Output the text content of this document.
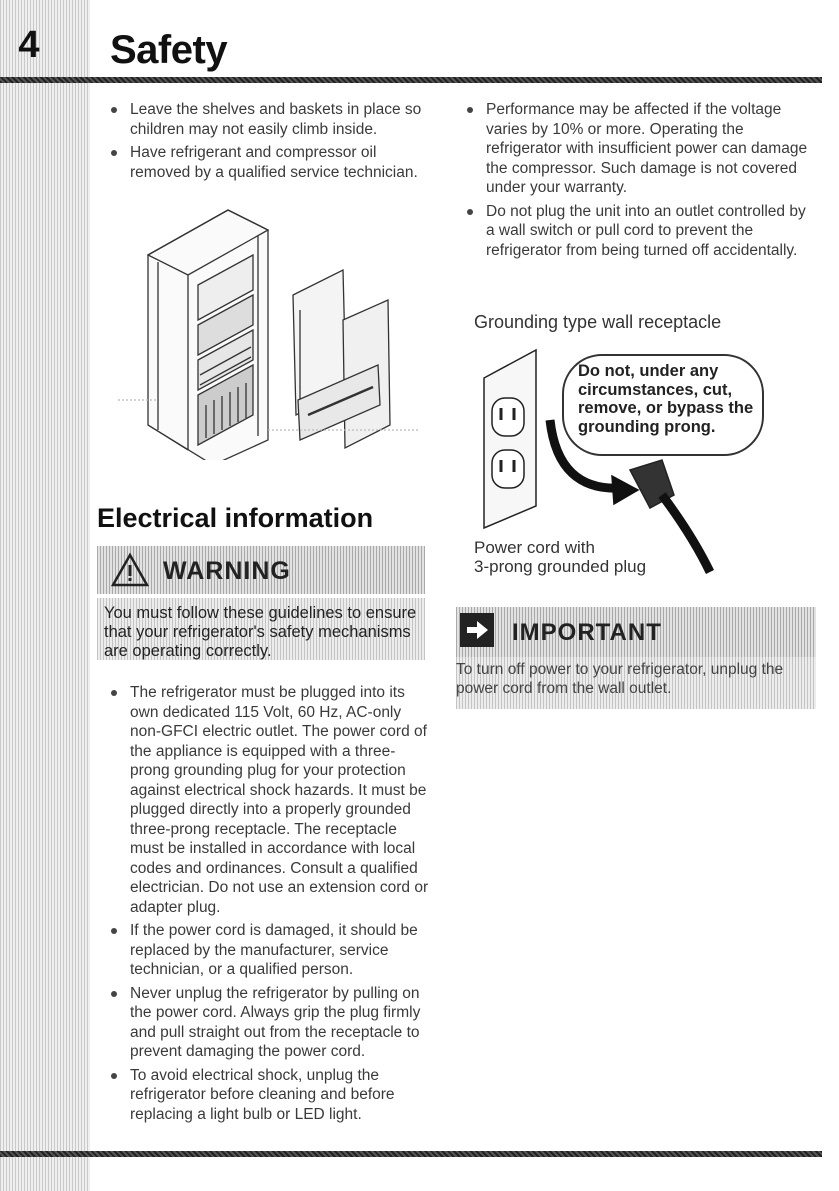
4 Safety
Leave the shelves and baskets in place so children may not easily climb inside.
Have refrigerant and compressor oil removed by a qualified service technician.
Performance may be affected if the voltage varies by 10% or more. Operating the refrigerator with insufficient power can damage the compressor. Such damage is not covered under your warranty.
Do not plug the unit into an outlet controlled by a wall switch or pull cord to prevent the refrigerator from being turned off accidentally.
Grounding type wall receptacle
Do not, under any circumstances, cut, remove, or bypass the grounding prong.
Power cord with
3-prong grounded plug
Electrical information
WARNING
You must follow these guidelines to ensure that your refrigerator's safety mechanisms are operating correctly.
The refrigerator must be plugged into its own dedicated 115 Volt, 60 Hz, AC-only non-GFCI electric outlet. The power cord of the appliance is equipped with a three-prong grounding plug for your protection against electrical shock hazards. It must be plugged directly into a properly grounded three-prong receptacle. The receptacle must be installed in accordance with local codes and ordinances. Consult a qualified electrician. Do not use an extension cord or adapter plug.
If the power cord is damaged, it should be replaced by the manufacturer, service technician, or a qualified person.
Never unplug the refrigerator by pulling on the power cord. Always grip the plug firmly and pull straight out from the receptacle to prevent damaging the power cord.
To avoid electrical shock, unplug the refrigerator before cleaning and before replacing a light bulb or LED light.
IMPORTANT
To turn off power to your refrigerator, unplug the power cord from the wall outlet.
